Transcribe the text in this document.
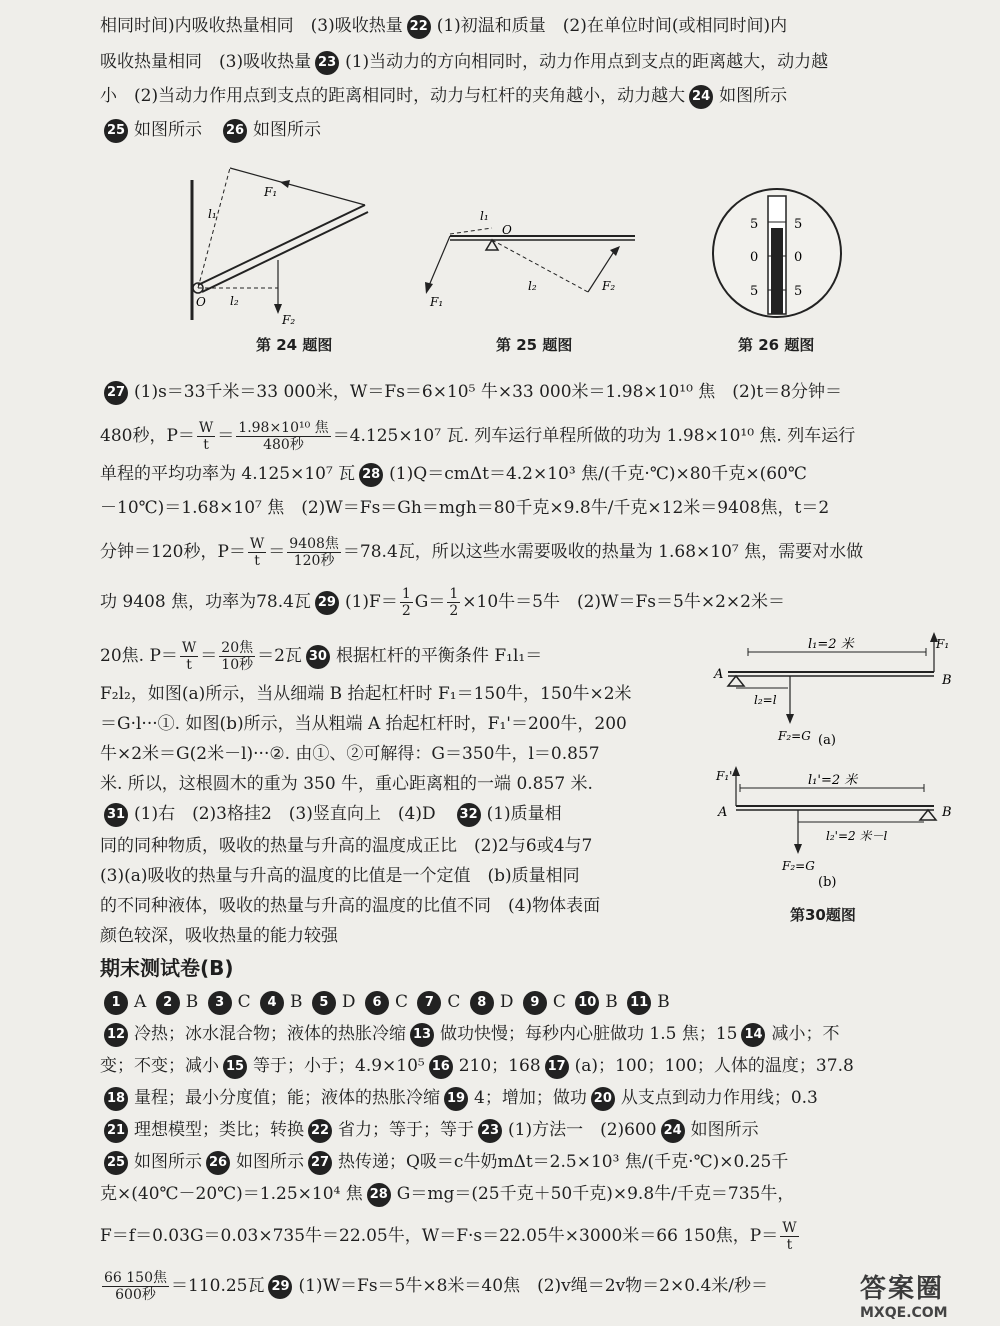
相同时间)内吸收热量相同　(3)吸收热量 22 (1)初温和质量　(2)在单位时间(或相同时间)内
吸收热量相同　(3)吸收热量 23 (1)当动力的方向相同时，动力作用点到支点的距离越大，动力越
小　(2)当动力作用点到支点的距离相同时，动力与杠杆的夹角越小，动力越大 24 如图所示
25 如图所示　 26 如图所示
l₁
F₁
l₂
F₂
O
第 24 题图
l₁
O
F₁
l₂	F₂
第 25 题图
5
0
5
5
0
5
第 26 题图
27 (1)s＝33千米＝33 000米，W＝Fs＝6×10⁵ 牛×33 000米＝1.98×10¹⁰ 焦　(2)t＝8分钟＝
480秒，$P= \frac{W}{t} = \frac{\text{1.98×10¹⁰ 焦}}{\text{480秒}} =4.125\times 10^7$ 瓦. 列车运行单程所做的功为 1.98×10¹⁰ 焦. 列车运行
单程的平均功率为 4.125×10⁷ 瓦 28 (1)Q＝cmΔt＝4.2×10³ 焦/(千克·℃)×80千克×(60℃
－10℃)＝1.68×10⁷ 焦　(2)W＝Fs＝Gh＝mgh＝80千克×9.8牛/千克×12米＝9408焦，t＝2
分钟＝120秒，$P= \frac{W}{t} = \frac{\text{9408焦}}{\text{120秒}} =78.4$瓦，所以这些水需要吸收的热量为 1.68×10⁷ 焦，需要对水做
功 9408 焦，功率为78.4瓦 29 $(1)F= \frac{1}{2} G= \frac{1}{2} \times 10$牛＝5牛　(2)W＝Fs＝5牛×2×2米＝
20焦. $P= \frac{W}{t} = \frac{\text{20焦}}{\text{10秒}} =2$瓦 30 根据杠杆的平衡条件 F₁l₁＝
F₂l₂，如图(a)所示，当从细端 B 抬起杠杆时 F₁＝150牛，150牛×2米
＝G·l···①. 如图(b)所示，当从粗端 A 抬起杠杆时，F₁'＝200牛，200
牛×2米＝G(2米－l)···②. 由①、②可解得：G＝350牛，l＝0.857
米. 所以，这根圆木的重为 350 牛，重心距离粗的一端 0.857 米.
31 (1)右　(2)3格挂2　(3)竖直向上　(4)D　 32 (1)质量相
同的同种物质，吸收的热量与升高的温度成正比　(2)2与6或4与7
(3)(a)吸收的热量与升高的温度的比值是一个定值　(b)质量相同
的不同种液体，吸收的热量与升高的温度的比值不同　(4)物体表面
颜色较深，吸收热量的能力较强
l₁=2 米
l₂=l
F₁
F₂=G
A	B
(a)
l₁'=2 米
l₂'=2 米－l
F₁'
F₂=G
A	B
(b)
第30题图
期末测试卷(B)
1 A 2 B 3 C 4 B 5 D 6 C 7 C 8 D 9 C 10 B 11 B
12 冷热；冰水混合物；液体的热胀冷缩 13 做功快慢；每秒内心脏做功 1.5 焦；15 14 减小；不
变；不变；减小 15 等于；小于；4.9×10⁵ 16 210；168 17 (a)；100；100；人体的温度；37.8
18 量程；最小分度值；能；液体的热胀冷缩 19 4；增加；做功 20 从支点到动力作用线；0.3
21 理想模型；类比；转换 22 省力；等于；等于 23 (1)方法一　(2)600 24 如图所示
25 如图所示 26 如图所示 27 热传递；Q吸＝c牛奶mΔt＝2.5×10³ 焦/(千克·℃)×0.25千
克×(40℃－20℃)＝1.25×10⁴ 焦 28 G＝mg＝(25千克＋50千克)×9.8牛/千克＝735牛，
F＝f＝0.03G＝0.03×735牛＝22.05牛，W＝F·s＝22.05牛×3000米＝66 150焦，$P= \frac{W}{t}$
$\frac{\text{66 150焦}}{\text{600秒}} =110.25$瓦 29 (1)W＝Fs＝5牛×8米＝40焦　(2)v绳＝2v物＝2×0.4米/秒＝	答案圈
MXQE.COM
